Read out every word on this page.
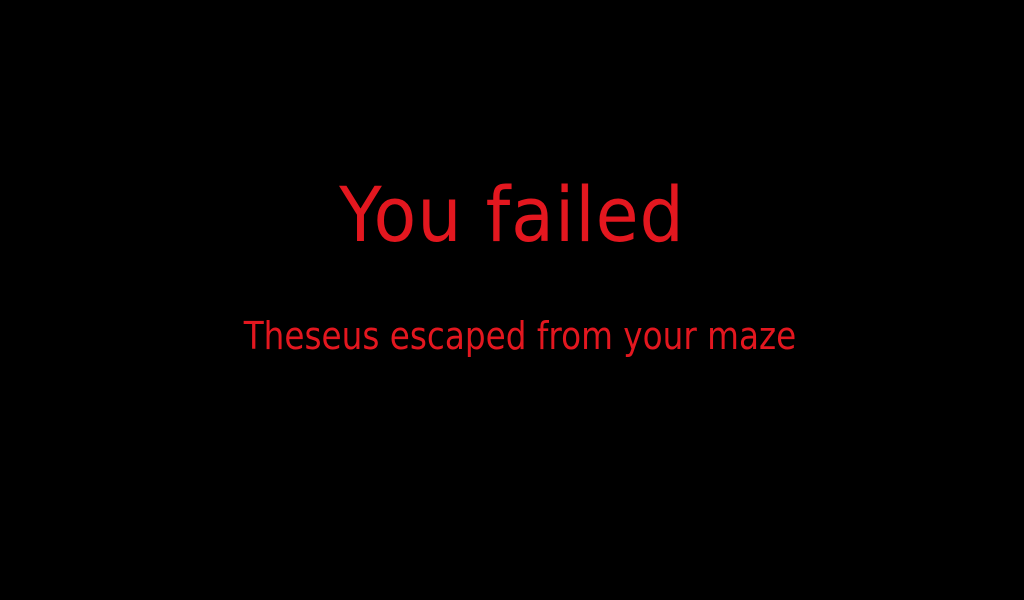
You failed
Theseus escaped from your maze
